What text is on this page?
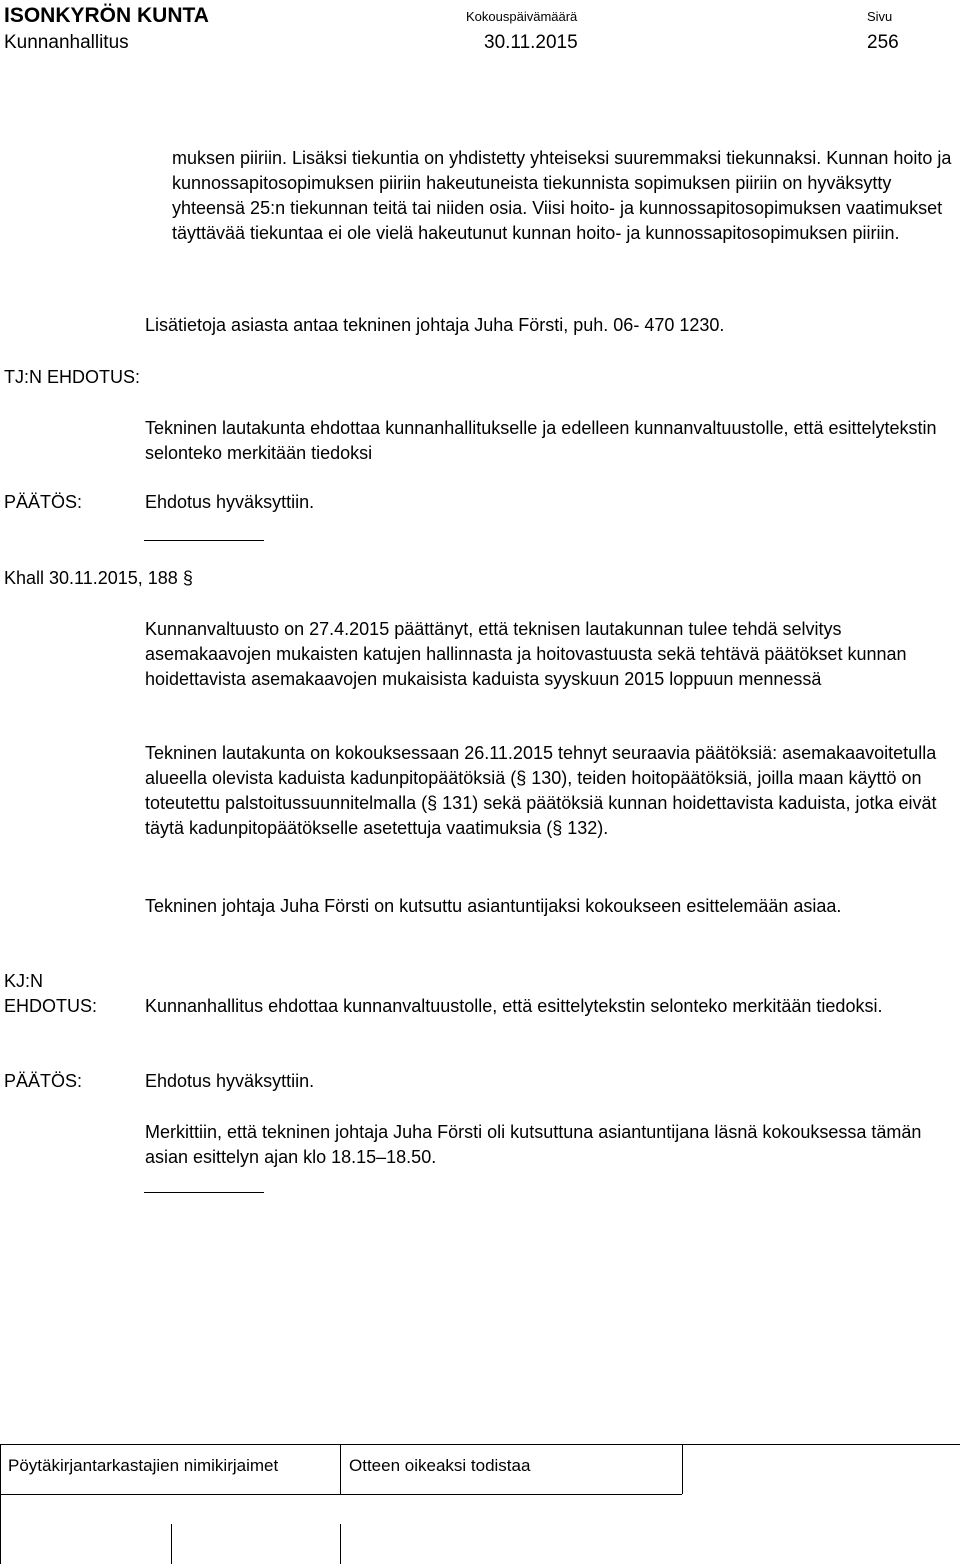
ISONKYRÖN KUNTA
Kunnanhallitus
Kokouspäivämäärä
30.11.2015
Sivu
256

muksen piiriin. Lisäksi tiekuntia on yhdistetty yhteiseksi suuremmaksi tiekunnaksi. Kunnan hoito ja kunnossapitosopimuksen piiriin hakeutuneista tiekunnista sopimuksen piiriin on hyväksytty yhteensä 25:n tiekunnan teitä tai niiden osia. Viisi hoito- ja kunnossapitosopimuksen vaatimukset täyttävää tiekuntaa ei ole vielä hakeutunut kunnan hoito- ja kunnossapitosopimuksen piiriin.

Lisätietoja asiasta antaa tekninen johtaja Juha Försti, puh. 06- 470 1230.
TJ:N EHDOTUS:
Tekninen lautakunta ehdottaa kunnanhallitukselle ja edelleen kunnanvaltuustolle, että esittelytekstin selonteko merkitään tiedoksi
PÄÄTÖS:	Ehdotus hyväksyttiin.
Khall 30.11.2015, 188 §
Kunnanvaltuusto on 27.4.2015 päättänyt, että teknisen lautakunnan tulee tehdä selvitys asemakaavojen mukaisten katujen hallinnasta ja hoitovastuusta sekä tehtävä päätökset kunnan hoidettavista asemakaavojen mukaisista kaduista syyskuun 2015 loppuun mennessä
Tekninen lautakunta on kokouksessaan 26.11.2015 tehnyt seuraavia päätöksiä: asemakaavoitetulla alueella olevista kaduista kadunpitopäätöksiä (§ 130), teiden hoitopäätöksiä, joilla maan käyttö on toteutettu palstoitussuunnitelmalla (§ 131) sekä päätöksiä kunnan hoidettavista kaduista, jotka eivät täytä kadunpitopäätökselle asetettuja vaatimuksia (§ 132).
Tekninen johtaja Juha Försti on kutsuttu asiantuntijaksi kokoukseen esittelemään asiaa.
KJ:N
EHDOTUS:	Kunnanhallitus ehdottaa kunnanvaltuustolle, että esittelytekstin selonteko merkitään tiedoksi.
PÄÄTÖS:	Ehdotus hyväksyttiin.
Merkittiin, että tekninen johtaja Juha Försti oli kutsuttuna asiantuntijana läsnä kokouksessa tämän asian esittelyn ajan klo 18.15–18.50.
Pöytäkirjantarkastajien nimikirjaimet	Otteen oikeaksi todistaa
